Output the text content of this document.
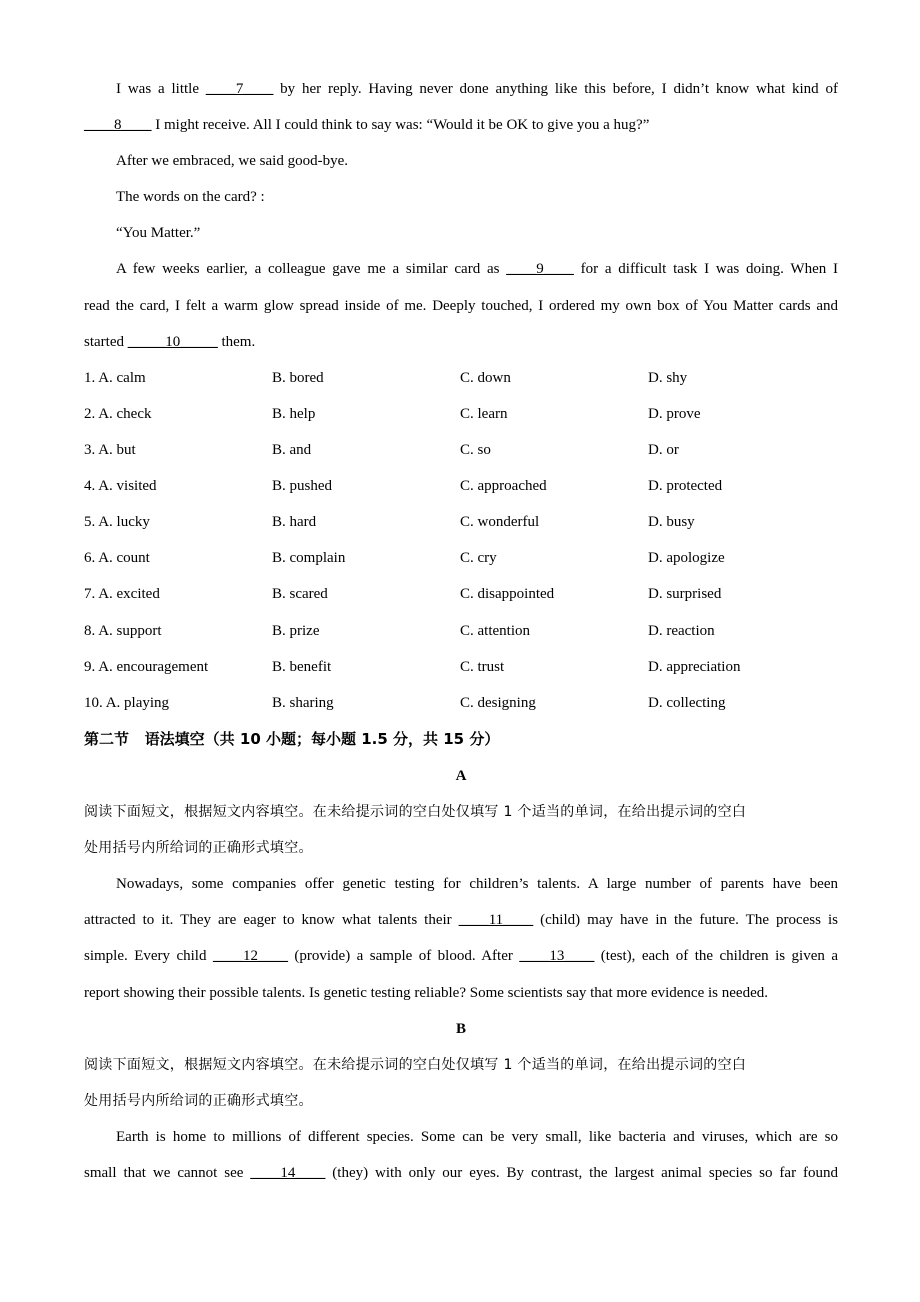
I was a little ____7____ by her reply. Having never done anything like this before, I didn’t know what kind of
____8____ I might receive. All I could think to say was: “Would it be OK to give you a hug?”
After we embraced, we said good-bye.
The words on the card? :
“You Matter.”
A few weeks earlier, a colleague gave me a similar card as ____9____ for a difficult task I was doing. When I
read the card, I felt a warm glow spread inside of me. Deeply touched, I ordered my own box of You Matter cards and
started _____10_____ them.
1. A. calm	B. bored	C. down	D. shy
2. A. check	B. help	C. learn	D. prove
3. A. but	B. and	C. so	D. or
4. A. visited	B. pushed	C. approached	D. protected
5. A. lucky	B. hard	C. wonderful	D. busy
6. A. count	B. complain	C. cry	D. apologize
7. A. excited	B. scared	C. disappointed	D. surprised
8. A. support	B. prize	C. attention	D. reaction
9. A. encouragement	B. benefit	C. trust	D. appreciation
10. A. playing	B. sharing	C. designing	D. collecting
第二节   语法填空（共 10 小题；每小题 1.5 分，共 15 分）
A
阅读下面短文，根据短文内容填空。在未给提示词的空白处仅填写 1 个适当的单词，在给出提示词的空白
处用括号内所给词的正确形式填空。
Nowadays, some companies offer genetic testing for children’s talents. A large number of parents have been
attracted to it. They are eager to know what talents their ____11____ (child) may have in the future. The process is
simple. Every child ____12____ (provide) a sample of blood. After ____13____ (test), each of the children is given a
report showing their possible talents. Is genetic testing reliable? Some scientists say that more evidence is needed.
B
阅读下面短文，根据短文内容填空。在未给提示词的空白处仅填写 1 个适当的单词，在给出提示词的空白
处用括号内所给词的正确形式填空。
Earth is home to millions of different species. Some can be very small, like bacteria and viruses, which are so
small that we cannot see ____14____ (they) with only our eyes. By contrast, the largest animal species so far found
